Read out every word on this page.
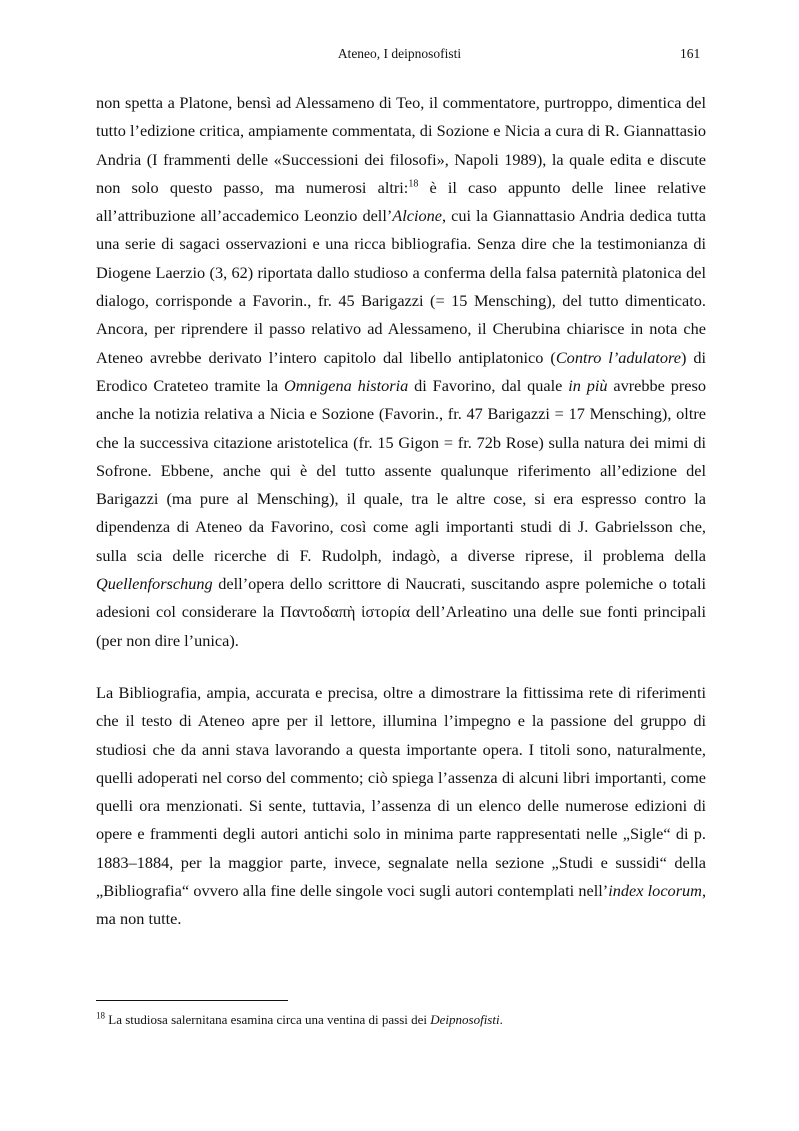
Ateneo, I deipnosofisti	161
non spetta a Platone, bensì ad Alessameno di Teo, il commentatore, purtroppo, dimentica del
tutto l’edizione critica, ampiamente commentata, di Sozione e Nicia a cura di R. Giannattasio
Andria (I frammenti delle «Successioni dei filosofi», Napoli 1989), la quale edita e discute
non solo questo passo, ma numerosi altri:$^{18}$ è il caso appunto delle linee relative
all’attribuzione all’accademico Leonzio dell’Alcione, cui la Giannattasio Andria dedica tutta
una serie di sagaci osservazioni e una ricca bibliografia. Senza dire che la testimonianza di
Diogene Laerzio (3, 62) riportata dallo studioso a conferma della falsa paternità platonica del
dialogo, corrisponde a Favorin., fr. 45 Barigazzi (= 15 Mensching), del tutto dimenticato.
Ancora, per riprendere il passo relativo ad Alessameno, il Cherubina chiarisce in nota che
Ateneo avrebbe derivato l’intero capitolo dal libello antiplatonico (Contro l’adulatore) di
Erodico Crateteo tramite la Omnigena historia di Favorino, dal quale in più avrebbe preso
anche la notizia relativa a Nicia e Sozione (Favorin., fr. 47 Barigazzi = 17 Mensching), oltre
che la successiva citazione aristotelica (fr. 15 Gigon = fr. 72b Rose) sulla natura dei mimi di
Sofrone. Ebbene, anche qui è del tutto assente qualunque riferimento all’edizione del
Barigazzi (ma pure al Mensching), il quale, tra le altre cose, si era espresso contro la
dipendenza di Ateneo da Favorino, così come agli importanti studi di J. Gabrielsson che,
sulla scia delle ricerche di F. Rudolph, indagò, a diverse riprese, il problema della
Quellenforschung dell’opera dello scrittore di Naucrati, suscitando aspre polemiche o totali
adesioni col considerare la Παντοδαπὴ ἱστορία dell’Arleatino una delle sue fonti principali
(per non dire l’unica).
La Bibliografia, ampia, accurata e precisa, oltre a dimostrare la fittissima rete di riferimenti
che il testo di Ateneo apre per il lettore, illumina l’impegno e la passione del gruppo di
studiosi che da anni stava lavorando a questa importante opera. I titoli sono, naturalmente,
quelli adoperati nel corso del commento; ciò spiega l’assenza di alcuni libri importanti, come
quelli ora menzionati. Si sente, tuttavia, l’assenza di un elenco delle numerose edizioni di
opere e frammenti degli autori antichi solo in minima parte rappresentati nelle „Sigle“ di p.
1883–1884, per la maggior parte, invece, segnalate nella sezione „Studi e sussidi“ della
„Bibliografia“ ovvero alla fine delle singole voci sugli autori contemplati nell’index locorum,
ma non tutte.
$^{18}$ La studiosa salernitana esamina circa una ventina di passi dei Deipnosofisti.
